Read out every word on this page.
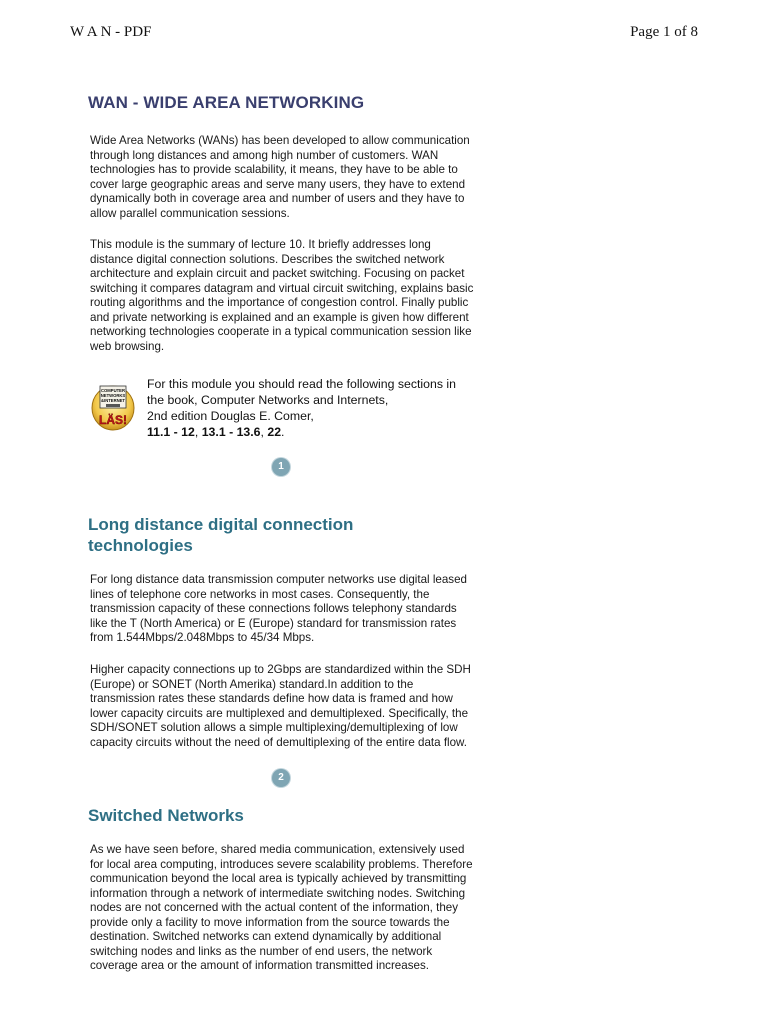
W A N - PDF	Page 1 of 8
WAN - WIDE AREA NETWORKING

Wide Area Networks (WANs) has been developed to allow communication through long distances and among high number of customers. WAN technologies has to provide scalability, it means, they have to be able to cover large geographic areas and serve many users, they have to extend dynamically both in coverage area and number of users and they have to allow parallel communication sessions.

This module is the summary of lecture 10. It briefly addresses long distance digital connection solutions. Describes the switched network architecture and explain circuit and packet switching. Focusing on packet switching it compares datagram and virtual circuit switching, explains basic routing algorithms and the importance of congestion control. Finally public and private networking is explained and an example is given how different networking technologies cooperate in a typical communication session like web browsing.

COMPUTER
NETWORKS
&INTERNET
LÄS!
For this module you should read the following sections in
the book, Computer Networks and Internets,
2nd edition Douglas E. Comer,
11.1 - 12, 13.1 - 13.6, 22.
1
Long distance digital connection technologies

For long distance data transmission computer networks use digital leased lines of telephone core networks in most cases. Consequently, the transmission capacity of these connections follows telephony standards like the T (North America) or E (Europe) standard for transmission rates from 1.544Mbps/2.048Mbps to 45/34 Mbps.

Higher capacity connections up to 2Gbps are standardized within the SDH (Europe) or SONET (North Amerika) standard.In addition to the transmission rates these standards define how data is framed and how lower capacity circuits are multiplexed and demultiplexed. Specifically, the SDH/SONET solution allows a simple multiplexing/demultiplexing of low capacity circuits without the need of demultiplexing of the entire data flow.

2
Switched Networks

As we have seen before, shared media communication, extensively used for local area computing, introduces severe scalability problems. Therefore communication beyond the local area is typically achieved by transmitting information through a network of intermediate switching nodes. Switching nodes are not concerned with the actual content of the information, they provide only a facility to move information from the source towards the destination. Switched networks can extend dynamically by additional switching nodes and links as the number of end users, the network coverage area or the amount of information transmitted increases.
